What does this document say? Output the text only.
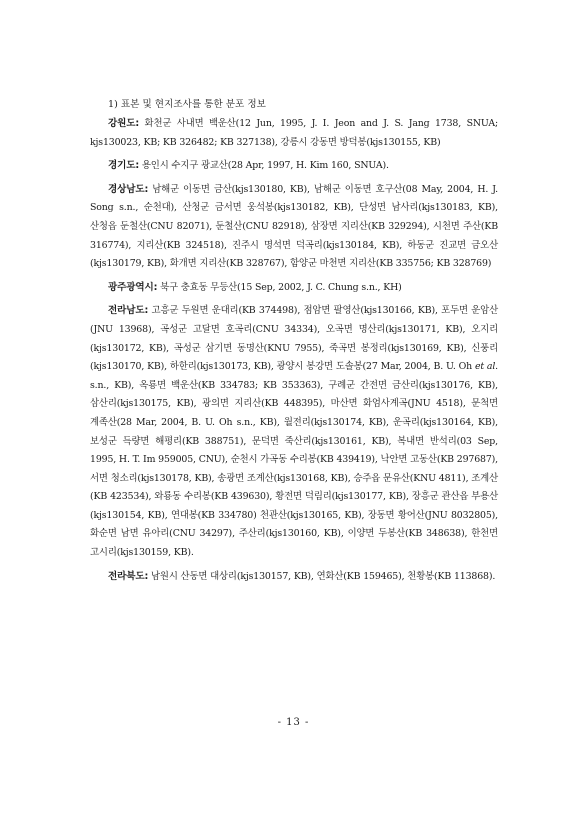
1) 표본 및 현지조사를 통한 분포 정보

강원도: 화천군 사내면 백운산(12 Jun, 1995, J. I. Jeon and J. S. Jang 1738, SNUA; kjs130023, KB; KB 326482; KB 327138), 강릉시 강동면 방덕봉(kjs130155, KB)

경기도: 용인시 수지구 광교산(28 Apr, 1997, H. Kim 160, SNUA).

경상남도: 남해군 이동면 금산(kjs130180, KB), 남해군 이동면 호구산(08 May, 2004, H. J. Song s.n., 순천대), 산청군 금서면 웅석봉(kjs130182, KB), 단성면 남사리(kjs130183, KB), 산청읍 둔철산(CNU 82071), 둔철산(CNU 82918), 삼장면 지리산(KB 329294), 시천면 주산(KB 316774), 지리산(KB 324518), 진주시 명석면 덕곡리(kjs130184, KB), 하동군 진교면 금오산(kjs130179, KB), 화개면 지리산(KB 328767), 함양군 마천면 지리산(KB 335756; KB 328769)

광주광역시: 북구 충효동 무등산(15 Sep, 2002, J. C. Chung s.n., KH)

전라남도: 고흥군 두원면 운대리(KB 374498), 점암면 팔영산(kjs130166, KB), 포두면 운암산(JNU 13968), 곡성군 고달면 호곡리(CNU 34334), 오곡면 명산리(kjs130171, KB), 오지리(kjs130172, KB), 곡성군 삼기면 동명산(KNU 7955), 죽곡면 봉정리(kjs130169, KB), 신풍리(kjs130170, KB), 하한리(kjs130173, KB), 광양시 봉강면 도솔봉(27 Mar, 2004, B. U. Oh et al. s.n., KB), 옥룡면 백운산(KB 334783; KB 353363), 구례군 간전면 금산리(kjs130176, KB), 삼산리(kjs130175, KB), 광의면 지리산(KB 448395), 마산면 화엄사계곡(JNU 4518), 문척면 계족산(28 Mar, 2004, B. U. Oh s.n., KB), 월전리(kjs130174, KB), 운곡리(kjs130164, KB), 보성군 득량면 해평리(KB 388751), 문덕면 죽산리(kjs130161, KB), 복내면 반석리(03 Sep, 1995, H. T. Im 959005, CNU), 순천시 가곡동 수리봉(KB 439419), 낙안면 고동산(KB 297687), 서면 청소리(kjs130178, KB), 송광면 조계산(kjs130168, KB), 승주읍 문유산(KNU 4811), 조계산(KB 423534), 와룡동 수리봉(KB 439630), 황전면 덕림리(kjs130177, KB), 장흥군 관산읍 부용산(kjs130154, KB), 연대봉(KB 334780) 천관산(kjs130165, KB), 장동면 황어산(JNU 8032805), 화순면 남면 유아리(CNU 34297), 주산리(kjs130160, KB), 이양면 두봉산(KB 348638), 한천면 고시리(kjs130159, KB).

전라북도: 남원시 산동면 대상리(kjs130157, KB), 연화산(KB 159465), 천황봉(KB 113868).

- 13 -
